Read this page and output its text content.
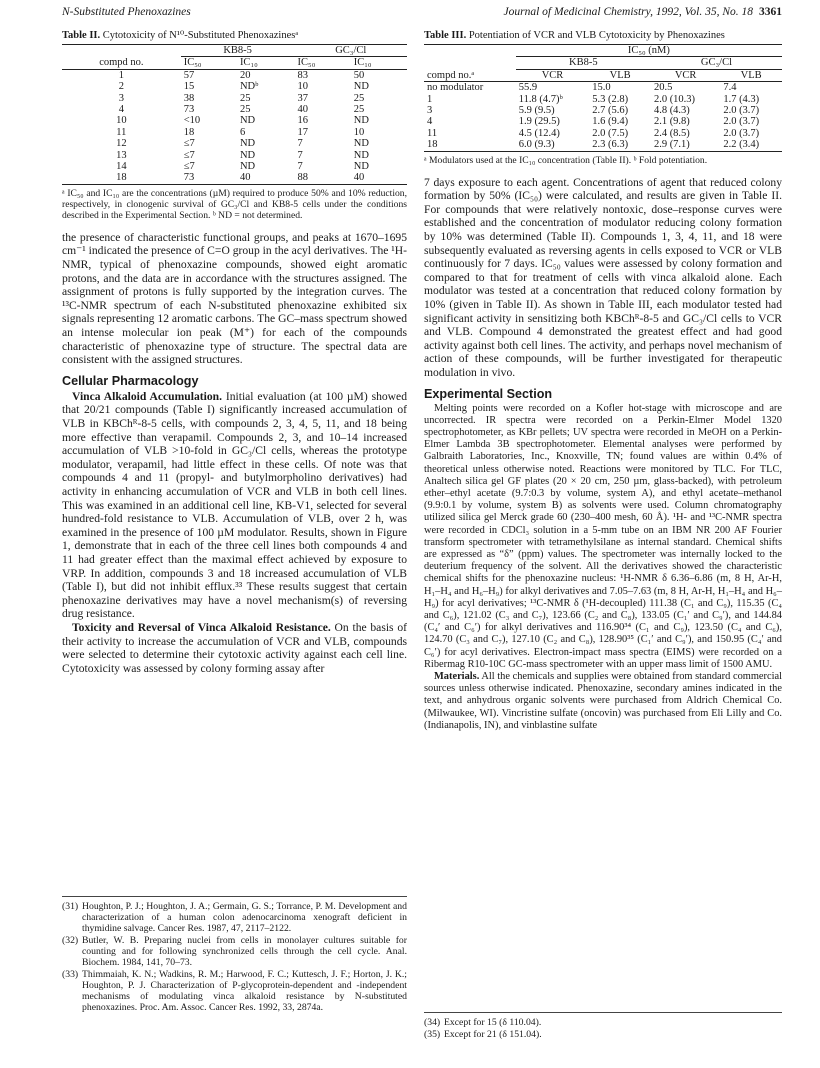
N-Substituted Phenoxazines	Journal of Medicinal Chemistry, 1992, Vol. 35, No. 18 3361

Table II. Cytotoxicity of N¹⁰-Substituted Phenoxazinesᵃ

	KB8-5		GC₃/Cl	
compd no.	IC₅₀	IC₁₀	IC₅₀	IC₁₀
1	57	20	83	50
2	15	NDᵇ	10	ND
3	38	25	37	25
4	73	25	40	25
10	<10	ND	16	ND
11	18	6	17	10
12	≤7	ND	7	ND
13	≤7	ND	7	ND
14	≤7	ND	7	ND
18	73	40	88	40

ᵃ IC₅₀ and IC₁₀ are the concentrations (µM) required to produce 50% and 10% reduction, respectively, in clonogenic survival of GC₃/Cl and KB8-5 cells under the conditions described in the Experimental Section. ᵇ ND = not determined.

the presence of characteristic functional groups, and peaks at 1670–1695 cm⁻¹ indicated the presence of C=O group in the acyl derivatives. The ¹H-NMR, typical of phenoxazine compounds, showed eight aromatic protons, and the data are in accordance with the structures assigned. The assignment of protons is fully supported by the integration curves. The ¹³C-NMR spectrum of each N-substituted phenoxazine exhibited six signals representing 12 aromatic carbons. The GC–mass spectrum showed an intense molecular ion peak (M⁺) for each of the compounds characteristic of phenoxazine type of structure. The spectral data are consistent with the assigned structures.

Cellular Pharmacology

Vinca Alkaloid Accumulation. Initial evaluation (at 100 µM) showed that 20/21 compounds (Table I) significantly increased accumulation of VLB in KBChᴿ-8-5 cells, with compounds 2, 3, 4, 5, 11, and 18 being more effective than verapamil. Compounds 2, 3, and 10–14 increased accumulation of VLB >10-fold in GC₃/Cl cells, whereas the prototype modulator, verapamil, had little effect in these cells. Of note was that compounds 4 and 11 (propyl- and butylmorpholino derivatives) had activity in enhancing accumulation of VCR and VLB in both cell lines. This was examined in an additional cell line, KB-V1, selected for several hundred-fold resistance to VLB. Accumulation of VLB, over 2 h, was examined in the presence of 100 µM modulator. Results, shown in Figure 1, demonstrate that in each of the three cell lines both compounds 4 and 11 had greater effect than the maximal effect achieved by exposure to VRP. In addition, compounds 3 and 18 increased accumulation of VLB (Table I), but did not inhibit efflux.³³ These results suggest that certain phenoxazine derivatives may have a novel mechanism(s) of reversing drug resistance.

Toxicity and Reversal of Vinca Alkaloid Resistance. On the basis of their activity to increase the accumulation of VCR and VLB, compounds were selected to determine their cytotoxic activity against each cell line. Cytotoxicity was assessed by colony forming assay after

(31) Houghton, P. J.; Houghton, J. A.; Germain, G. S.; Torrance, P. M. Development and characterization of a human colon adenocarcinoma xenograft deficient in thymidine salvage. Cancer Res. 1987, 47, 2117–2122.

(32) Butler, W. B. Preparing nuclei from cells in monolayer cultures suitable for counting and for following synchronized cells through the cell cycle. Anal. Biochem. 1984, 141, 70–73.

(33) Thimmaiah, K. N.; Wadkins, R. M.; Harwood, F. C.; Kuttesch, J. F.; Horton, J. K.; Houghton, P. J. Characterization of P-glycoprotein-dependent and -independent mechanisms of modulating vinca alkaloid resistance by N-substituted phenoxazines. Proc. Am. Assoc. Cancer Res. 1992, 33, 2874a.

Table III. Potentiation of VCR and VLB Cytotoxicity by Phenoxazines

	IC₅₀ (nM)			
	KB8-5		GC₃/Cl	
compd no.ᵃ	VCR	VLB	VCR	VLB
no modulator	55.9	15.0	20.5	7.4
1	11.8 (4.7)ᵇ	5.3 (2.8)	2.0 (10.3)	1.7 (4.3)
3	5.9 (9.5)	2.7 (5.6)	4.8 (4.3)	2.0 (3.7)
4	1.9 (29.5)	1.6 (9.4)	2.1 (9.8)	2.0 (3.7)
11	4.5 (12.4)	2.0 (7.5)	2.4 (8.5)	2.0 (3.7)
18	6.0 (9.3)	2.3 (6.3)	2.9 (7.1)	2.2 (3.4)

ᵃ Modulators used at the IC₁₀ concentration (Table II). ᵇ Fold potentiation.

7 days exposure to each agent. Concentrations of agent that reduced colony formation by 50% (IC₅₀) were calculated, and results are given in Table II. For compounds that were relatively nontoxic, dose–response curves were established and the concentration of modulator reducing colony formation by 10% was determined (Table II). Compounds 1, 3, 4, 11, and 18 were subsequently evaluated as reversing agents in cells exposed to VCR or VLB continuously for 7 days. IC₅₀ values were assessed by colony formation and compared to that for treatment of cells with vinca alkaloid alone. Each modulator was tested at a concentration that reduced colony formation by 10% (given in Table II). As shown in Table III, each modulator tested had significant activity in sensitizing both KBChᴿ-8-5 and GC₃/Cl cells to VCR and VLB. Compound 4 demonstrated the greatest effect and had good activity against both cell lines. The activity, and perhaps novel mechanism of action of these compounds, will be further investigated for therapeutic modulation in vivo.

Experimental Section

Melting points were recorded on a Kofler hot-stage with microscope and are uncorrected. IR spectra were recorded on a Perkin-Elmer Model 1320 spectrophotometer, as KBr pellets; UV spectra were recorded in MeOH on a Perkin-Elmer Lambda 3B spectrophotometer. Elemental analyses were performed by Galbraith Laboratories, Inc., Knoxville, TN; found values are within 0.4% of theoretical unless otherwise noted. Reactions were monitored by TLC. For TLC, Analtech silica gel GF plates (20 × 20 cm, 250 µm, glass-backed), with petroleum ether–ethyl acetate (9.7:0.3 by volume, system A), and ethyl acetate–methanol (9.9:0.1 by volume, system B) as solvents were used. Column chromatography utilized silica gel Merck grade 60 (230–400 mesh, 60 Å). ¹H- and ¹³C-NMR spectra were recorded in CDCl₃ solution in a 5-mm tube on an IBM NR 200 AF Fourier transform spectrometer with tetramethylsilane as internal standard. Chemical shifts are expressed as “δ” (ppm) values. The spectrometer was internally locked to the deuterium frequency of the solvent. All the derivatives showed the characteristic chemical shifts for the phenoxazine nucleus: ¹H-NMR δ 6.36–6.86 (m, 8 H, Ar-H, H₁–H₄ and H₆–H₉) for alkyl derivatives and 7.05–7.63 (m, 8 H, Ar-H, H₁–H₄ and H₆–H₉) for acyl derivatives; ¹³C-NMR δ (¹H-decoupled) 111.38 (C₁ and C₉), 115.35 (C₄ and C₆), 121.02 (C₃ and C₇), 123.66 (C₂ and C₈), 133.05 (C₁′ and C₉′), and 144.84 (C₄′ and C₆′) for alkyl derivatives and 116.90³⁴ (C₁ and C₉), 123.50 (C₄ and C₆), 124.70 (C₃ and C₇), 127.10 (C₂ and C₈), 128.90³⁵ (C₁′ and C₉′), and 150.95 (C₄′ and C₆′) for acyl derivatives. Electron-impact mass spectra (EIMS) were recorded on a Ribermag R10-10C GC-mass spectrometer with an upper mass limit of 1500 AMU.

Materials. All the chemicals and supplies were obtained from standard commercial sources unless otherwise indicated. Phenoxazine, secondary amines indicated in the text, and anhydrous organic solvents were purchased from Aldrich Chemical Co. (Milwaukee, WI). Vincristine sulfate (oncovin) was purchased from Eli Lilly and Co. (Indianapolis, IN), and vinblastine sulfate

(34) Except for 15 (δ 110.04).

(35) Except for 21 (δ 151.04).
